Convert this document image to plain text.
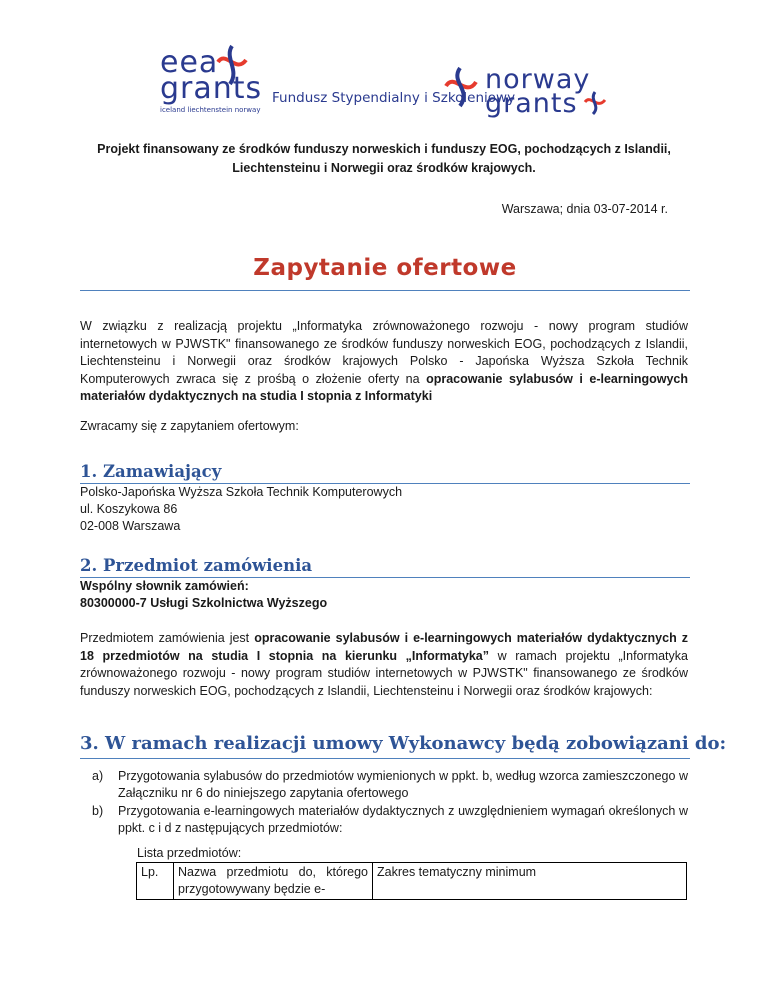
eea
grants
iceland liechtenstein norway
Fundusz Stypendialny i Szkoleniowy
norway
grants
Projekt finansowany ze środków funduszy norweskich i funduszy EOG, pochodzących z Islandii, Liechtensteinu i Norwegii oraz środków krajowych.
Warszawa; dnia 03-07-2014 r.
Zapytanie ofertowe
W związku z realizacją projektu „Informatyka zrównoważonego rozwoju - nowy program studiów internetowych w PJWSTK" finansowanego ze środków funduszy norweskich EOG, pochodzących z Islandii, Liechtensteinu i Norwegii oraz środków krajowych Polsko - Japońska Wyższa Szkoła Technik Komputerowych zwraca się z prośbą o złożenie oferty na opracowanie sylabusów i e-learningowych materiałów dydaktycznych na studia I stopnia z Informatyki
Zwracamy się z zapytaniem ofertowym:
1. Zamawiający
Polsko-Japońska Wyższa Szkoła Technik Komputerowych
ul. Koszykowa 86
02-008 Warszawa
2. Przedmiot zamówienia
Wspólny słownik zamówień:
80300000-7 Usługi Szkolnictwa Wyższego
Przedmiotem zamówienia jest opracowanie sylabusów i e-learningowych materiałów dydaktycznych z 18 przedmiotów na studia I stopnia na kierunku „Informatyka” w ramach projektu „Informatyka zrównoważonego rozwoju - nowy program studiów internetowych w PJWSTK" finansowanego ze środków funduszy norweskich EOG, pochodzących z Islandii, Liechtensteinu i Norwegii oraz środków krajowych:
3. W ramach realizacji umowy Wykonawcy będą zobowiązani do:
a) Przygotowania sylabusów do przedmiotów wymienionych w ppkt. b, według wzorca zamieszczonego w Załączniku nr 6 do niniejszego zapytania ofertowego
b) Przygotowania e-learningowych materiałów dydaktycznych z uwzględnieniem wymagań określonych w ppkt. c i d z następujących przedmiotów:
Lista przedmiotów:
Lp.	Nazwa przedmiotu do, którego przygotowywany będzie e-	Zakres tematyczny minimum
